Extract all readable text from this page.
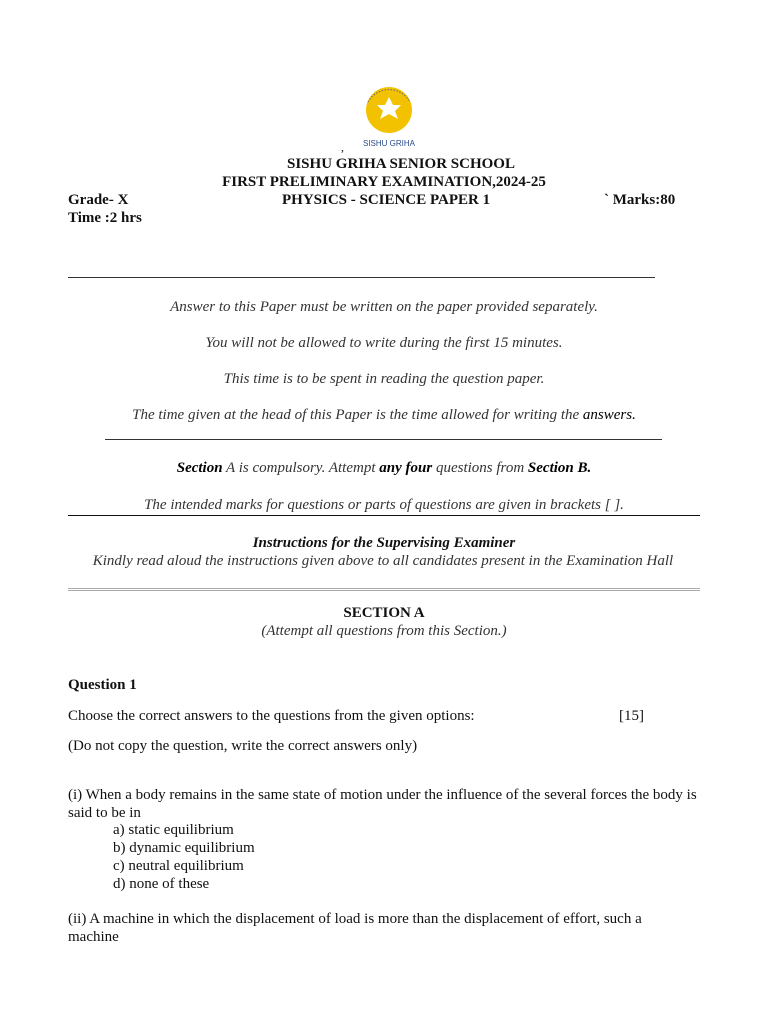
SISHU GRIHA
,
SISHU GRIHA SENIOR SCHOOL
FIRST PRELIMINARY EXAMINATION,2024-25
Grade- X	PHYSICS - SCIENCE PAPER 1	` Marks:80
Time :2 hrs
Answer to this Paper must be written on the paper provided separately.
You will not be allowed to write during the first 15 minutes.
This time is to be spent in reading the question paper.
The time given at the head of this Paper is the time allowed for writing the answers.
Section A is compulsory. Attempt any four questions from Section B.
The intended marks for questions or parts of questions are given in brackets [ ].
Instructions for the Supervising Examiner
Kindly read aloud the instructions given above to all candidates present in the Examination Hall
SECTION A
(Attempt all questions from this Section.)
Question 1
Choose the correct answers to the questions from the given options:	[15]
(Do not copy the question, write the correct answers only)
(i) When a body remains in the same state of motion under the influence of the several forces the body is
said to be in
a) static equilibrium
b) dynamic equilibrium
c) neutral equilibrium
d) none of these
(ii) A machine in which the displacement of load is more than the displacement of effort, such a
machine
